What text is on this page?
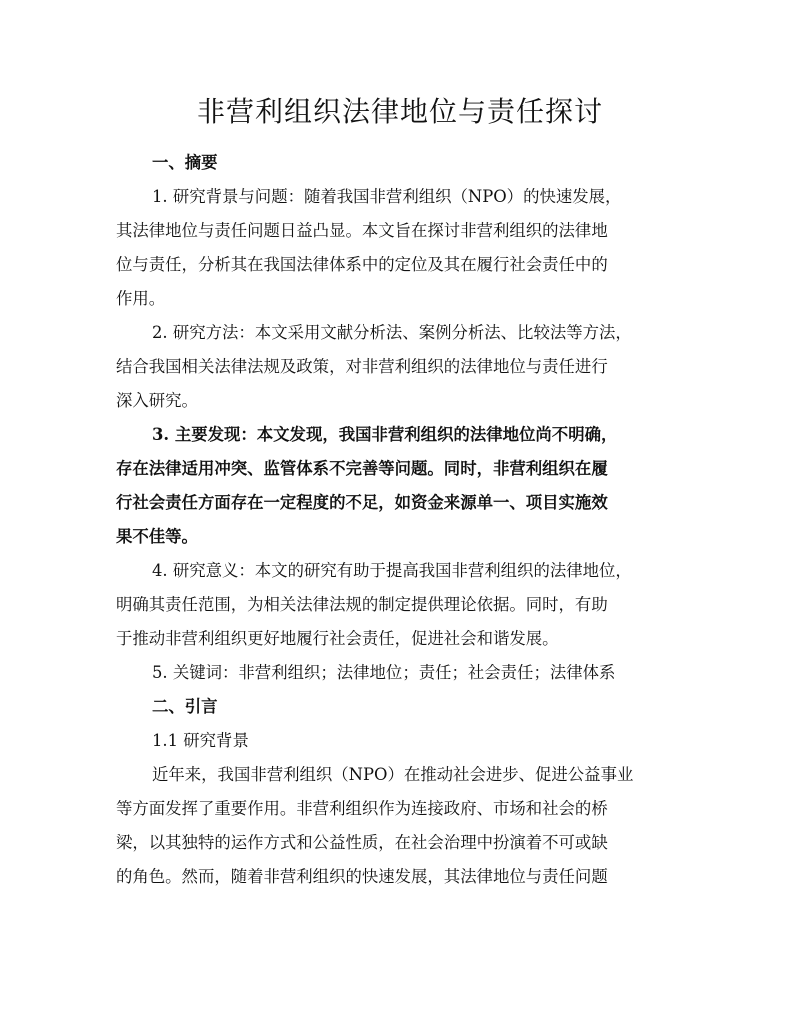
非营利组织法律地位与责任探讨
一、摘要
1. 研究背景与问题：随着我国非营利组织（NPO）的快速发展，
其法律地位与责任问题日益凸显。本文旨在探讨非营利组织的法律地
位与责任，分析其在我国法律体系中的定位及其在履行社会责任中的
作用。
2. 研究方法：本文采用文献分析法、案例分析法、比较法等方法，
结合我国相关法律法规及政策，对非营利组织的法律地位与责任进行
深入研究。
3. 主要发现：本文发现，我国非营利组织的法律地位尚不明确，
存在法律适用冲突、监管体系不完善等问题。同时，非营利组织在履
行社会责任方面存在一定程度的不足，如资金来源单一、项目实施效
果不佳等。
4. 研究意义：本文的研究有助于提高我国非营利组织的法律地位，
明确其责任范围，为相关法律法规的制定提供理论依据。同时，有助
于推动非营利组织更好地履行社会责任，促进社会和谐发展。
5. 关键词：非营利组织；法律地位；责任；社会责任；法律体系
二、引言
1.1 研究背景
近年来，我国非营利组织（NPO）在推动社会进步、促进公益事业
等方面发挥了重要作用。非营利组织作为连接政府、市场和社会的桥
梁，以其独特的运作方式和公益性质，在社会治理中扮演着不可或缺
的角色。然而，随着非营利组织的快速发展，其法律地位与责任问题
